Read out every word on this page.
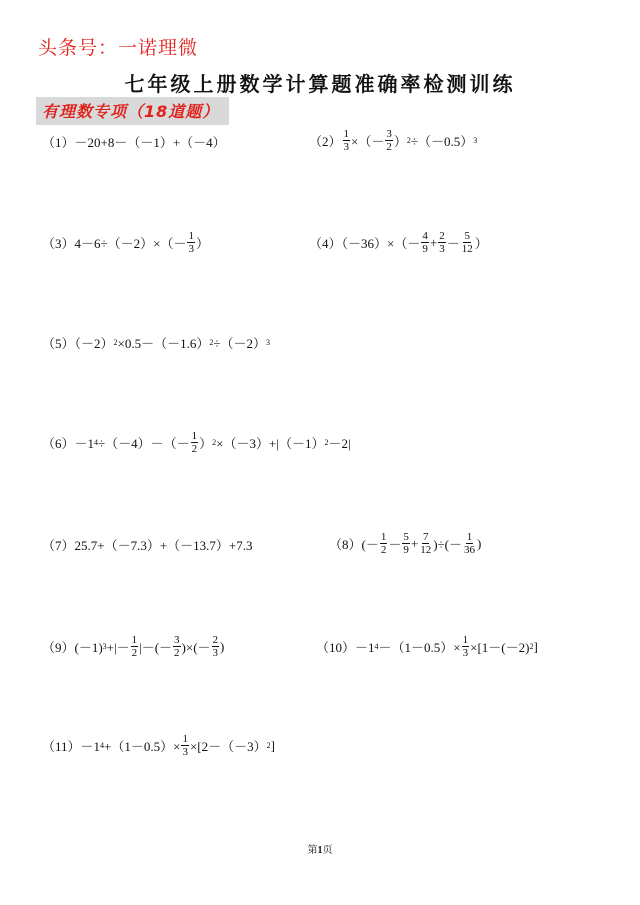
头条号：一诺理微
七年级上册数学计算题准确率检测训练
有理数专项（18道题）
（1）－20+8－（－1）+（－4）	$(2) \frac{1}{3}$ ×（－ $\frac{3}{2}$ ） 2 ÷（－0.5） 3
$(3)4-6\div(-2)\times(- \frac{1}{3}$ ）	$(4)(-36)\times(- \frac{4}{9} + \frac{2}{3} - \frac{5}{12}$ ）
（5）（－2） 2 ×0.5－（－1.6） 2 ÷（－2） 3
（6）－1 $4 \div(-4)-(- \frac{1}{2}$ ） 2 ×（－3）+|（－1） 2 －2|
（7）25.7+（－7.3）+（－13.7）+7.3	$(8)(- \frac{1}{2} - \frac{5}{9} + \frac{7}{12}$ )÷(－ $\frac{1}{36}$ )
（9）(－1) 3 +|－ $\frac{1}{2}$ |－(－ $\frac{3}{2}$ )×(－ $\frac{2}{3}$ )	（10）－1 $4 -(1-0.5)\times \frac{1}{3} \times[1-(-2)$ 2 ]
（11）－1 $4 +(1-0.5)\times \frac{1}{3} \times[2-(-3)$ 2 ]
第1页
